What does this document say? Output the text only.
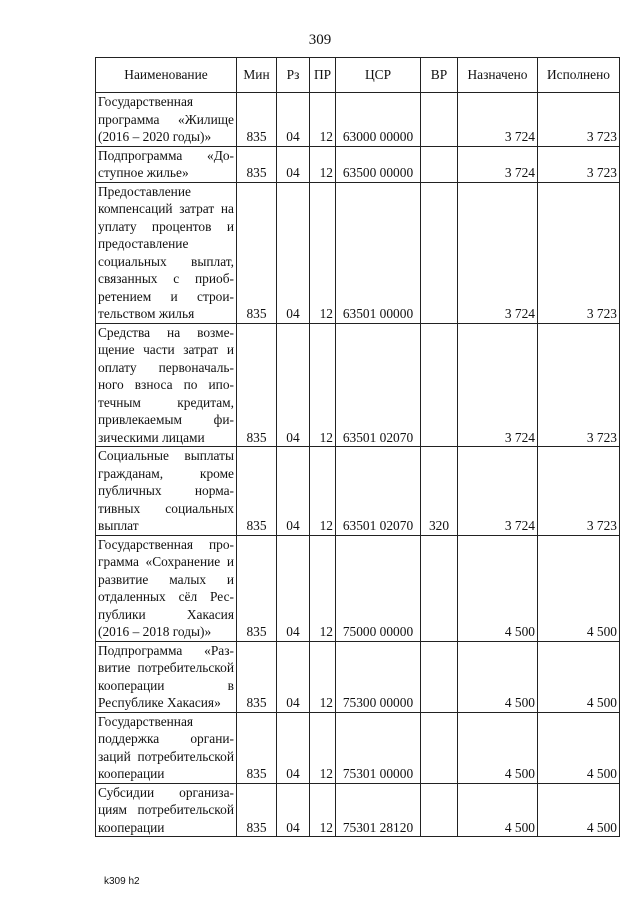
309
Наименование	Мин	Рз	ПР	ЦСР	ВР	Назначено	Исполнено
Государственная программа «Жилище (2016 – 2020 годы)»	835	04	12	63000 00000		3 724	3 723
Подпрограмма «Доступное жилье»	835	04	12	63500 00000		3 724	3 723
Предоставление компенсаций затрат на уплату процентов и предоставление социальных выплат, связанных с приобретением и строительством жилья	835	04	12	63501 00000		3 724	3 723
Средства на возмещение части затрат и оплату первоначального взноса по ипотечным кредитам, привлекаемым физическими лицами	835	04	12	63501 02070		3 724	3 723
Социальные выплаты гражданам, кроме публичных нормативных социальных выплат	835	04	12	63501 02070	320	3 724	3 723
Государственная программа «Сохранение и развитие малых и отдаленных сёл Республики Хакасия (2016 – 2018 годы)»	835	04	12	75000 00000		4 500	4 500
Подпрограмма «Развитие потребительской кооперации в Республике Хакасия»	835	04	12	75300 00000		4 500	4 500
Государственная поддержка организаций потребительской кооперации	835	04	12	75301 00000		4 500	4 500
Субсидии организациям потребительской кооперации	835	04	12	75301 28120		4 500	4 500
k309 h2
